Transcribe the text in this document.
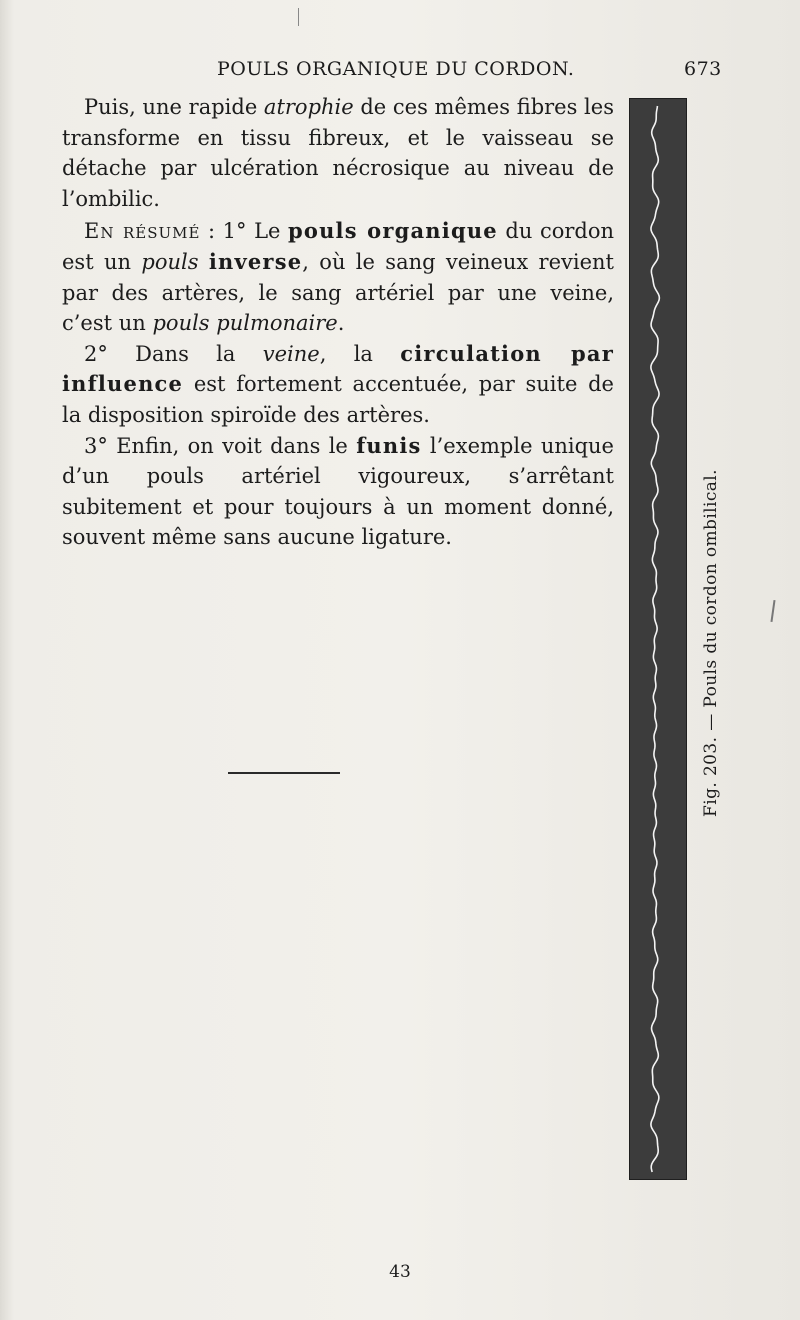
POULS ORGANIQUE DU CORDON.	673

Puis, une rapide atrophie de ces mêmes fibres les transforme en tissu fibreux, et le vaisseau se détache par ulcération nécrosique au niveau de l’ombilic.

En résumé : 1° Le pouls organique du cordon est un pouls inverse, où le sang veineux revient par des artères, le sang artériel par une veine, c’est un pouls pulmonaire.

2° Dans la veine, la circulation par influence est fortement accentuée, par suite de la disposition spiroïde des artères.

3° Enfin, on voit dans le funis l’exemple unique d’un pouls artériel vigoureux, s’arrêtant subitement et pour toujours à un moment donné, souvent même sans aucune ligature.	Fig. 203. — Pouls du cordon ombilical.
43
